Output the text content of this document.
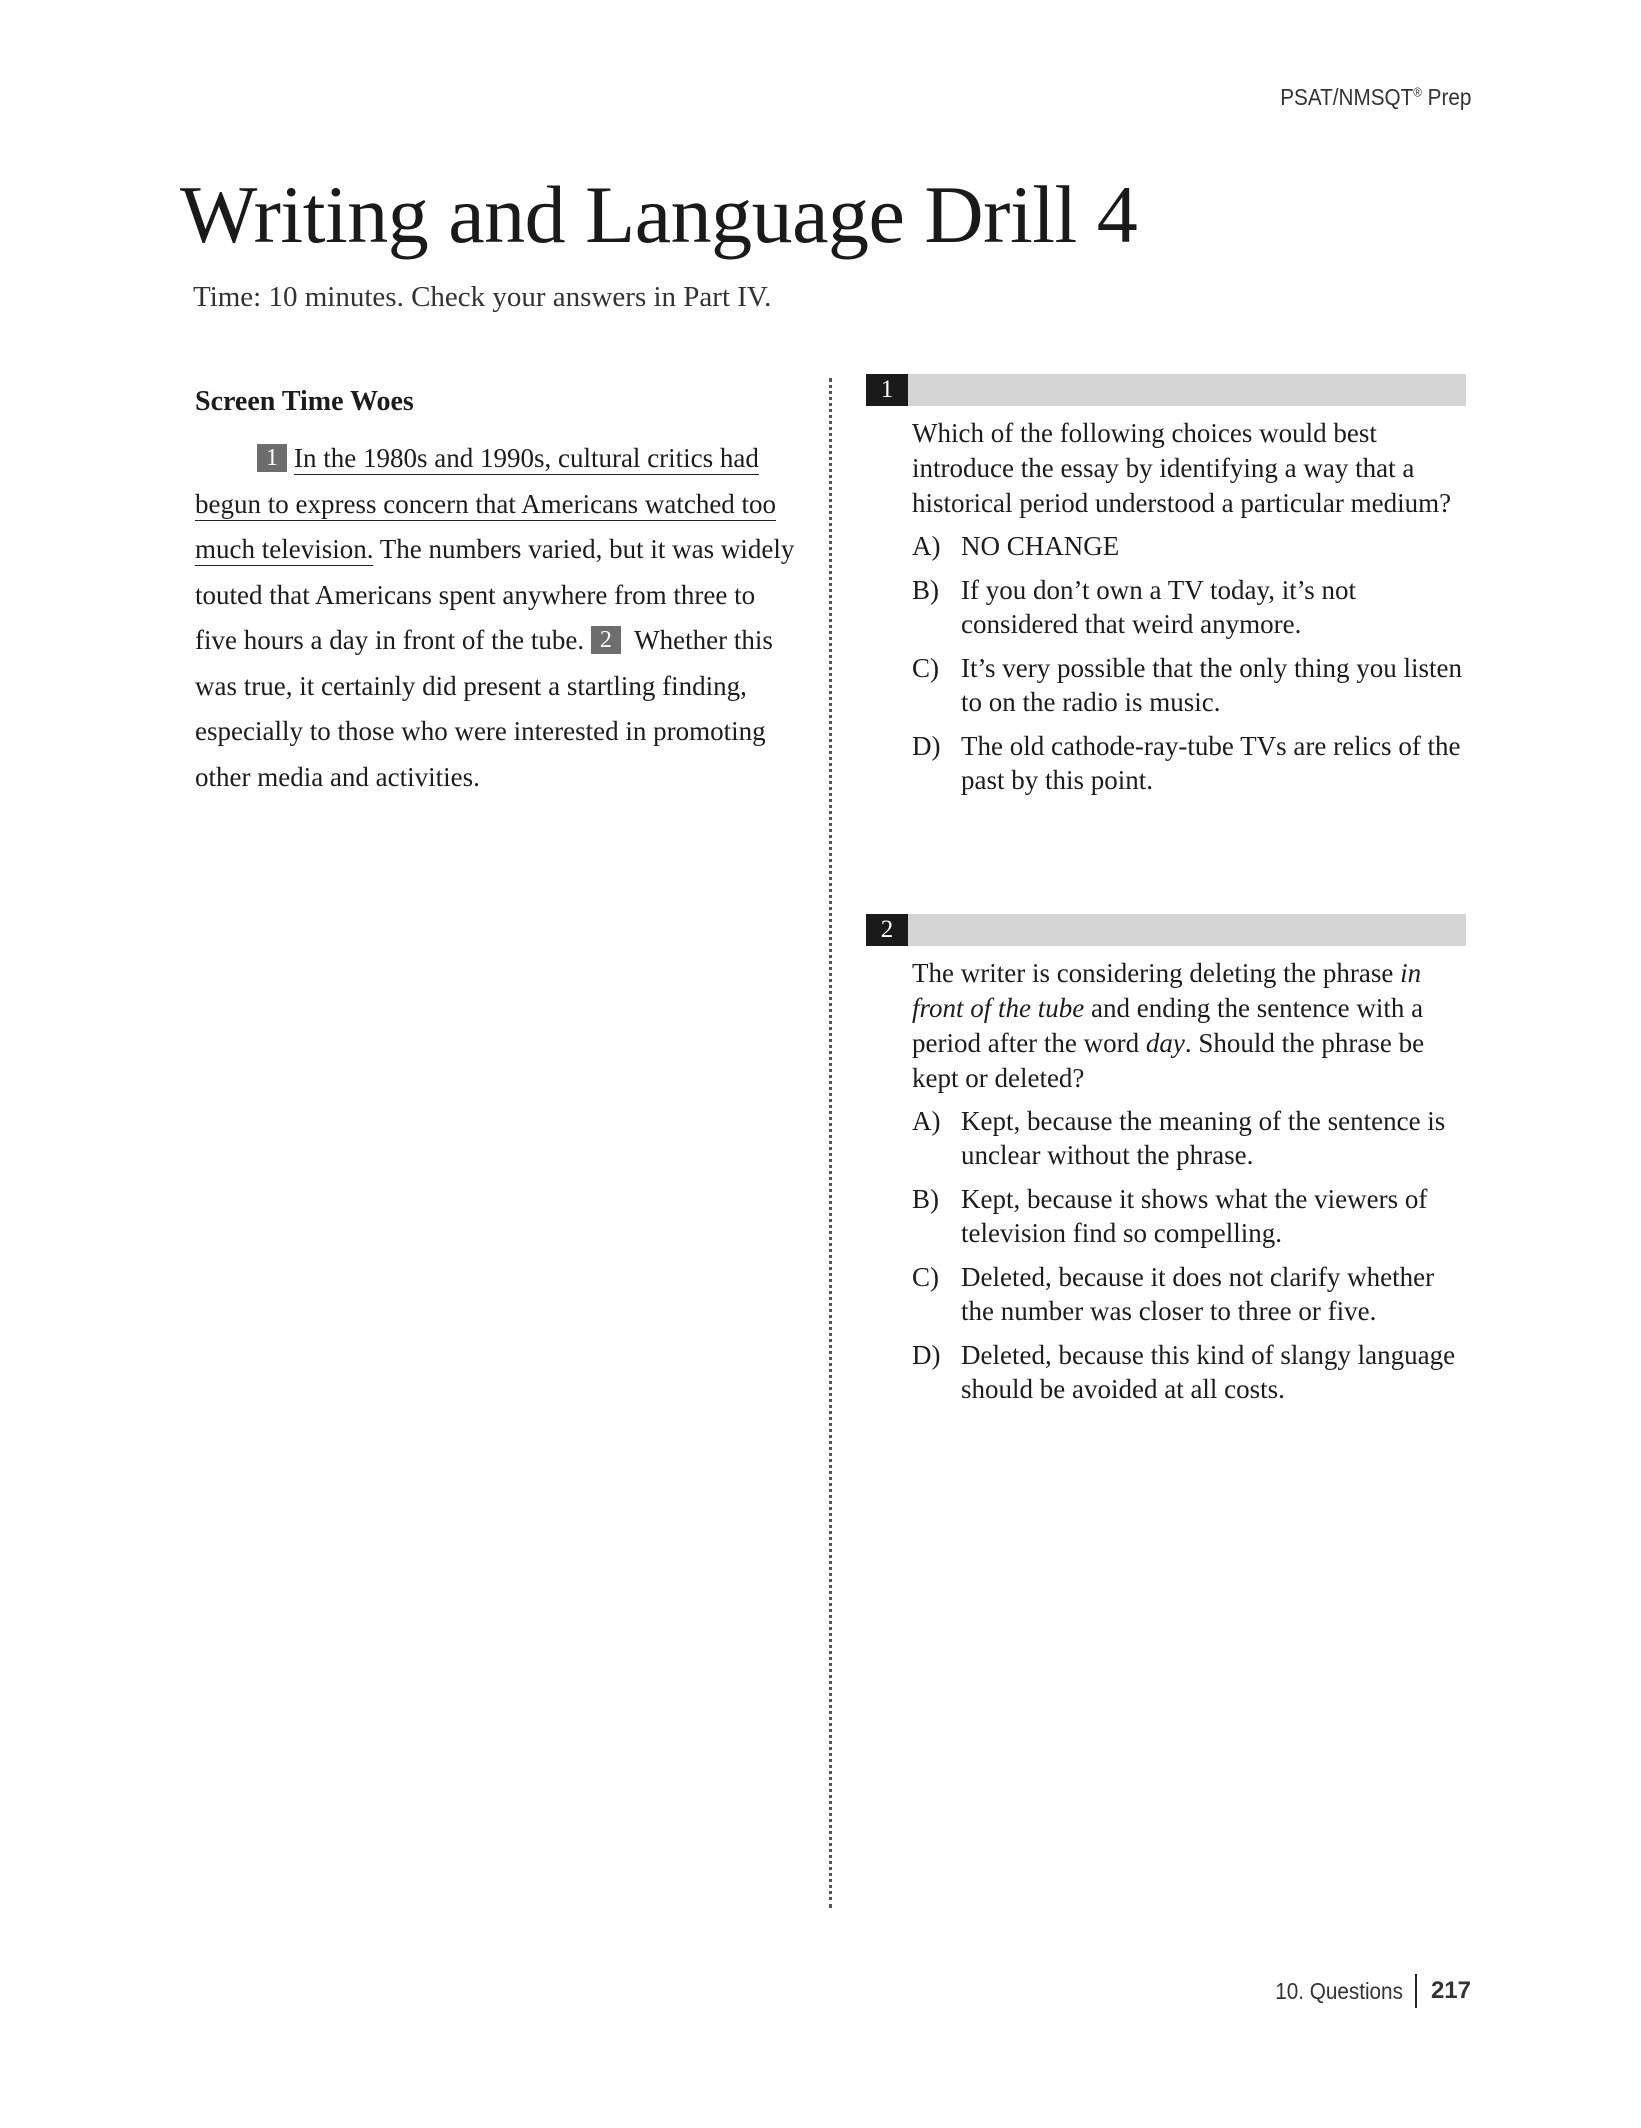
PSAT/NMSQT® Prep
Writing and Language Drill 4
Time: 10 minutes. Check your answers in Part IV.
Screen Time Woes
1 In the 1980s and 1990s, cultural critics had begun to express concern that Americans watched too much television. The numbers varied, but it was widely touted that Americans spent anywhere from three to five hours a day in front of the tube. 2 Whether this was true, it certainly did present a startling finding, especially to those who were interested in promoting other media and activities.
1
Which of the following choices would best introduce the essay by identifying a way that a historical period understood a particular medium?
A) NO CHANGE
B) If you don’t own a TV today, it’s not considered that weird anymore.
C) It’s very possible that the only thing you listen to on the radio is music.
D) The old cathode-ray-tube TVs are relics of the past by this point.
2
The writer is considering deleting the phrase in front of the tube and ending the sentence with a period after the word day. Should the phrase be kept or deleted?
A) Kept, because the meaning of the sentence is unclear without the phrase.
B) Kept, because it shows what the viewers of television find so compelling.
C) Deleted, because it does not clarify whether the number was closer to three or five.
D) Deleted, because this kind of slangy language should be avoided at all costs.
10. Questions 217
